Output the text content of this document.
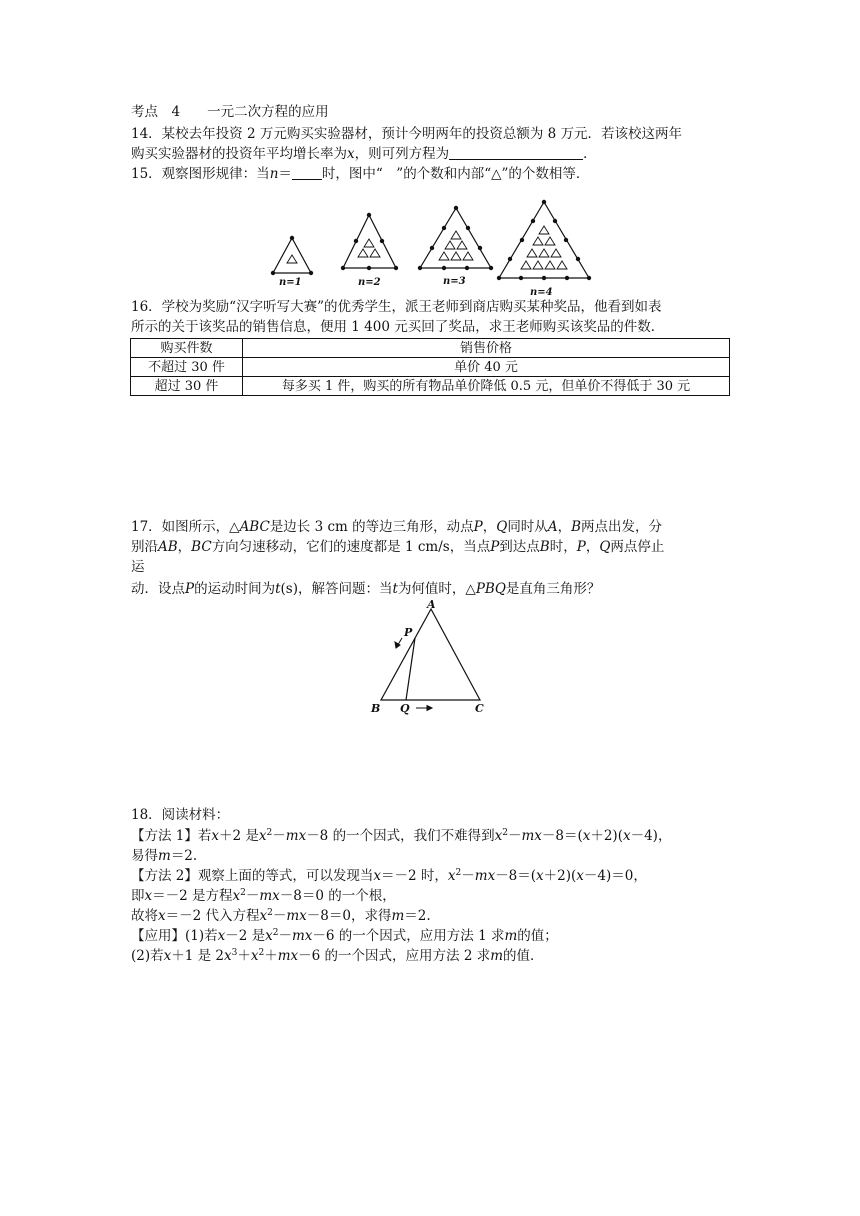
考点　4　　一元二次方程的应用
14．某校去年投资 2 万元购买实验器材，预计今明两年的投资总额为 8 万元．若该校这两年
购买实验器材的投资年平均增长率为x，则可列方程为	．
15．观察图形规律：当n＝ 时，图中“　”的个数和内部“△”的个数相等．
n=1	n=2	n=3
n=4
16．学校为奖励“汉字听写大赛”的优秀学生，派王老师到商店购买某种奖品，他看到如表
所示的关于该奖品的销售信息，便用 1 400 元买回了奖品，求王老师购买该奖品的件数．
购买件数	销售价格
不超过 30 件	单价 40 元
超过 30 件	每多买 1 件，购买的所有物品单价降低 0.5 元，但单价不得低于 30 元
17．如图所示，△ABC是边长 3 cm 的等边三角形，动点P，Q同时从A，B两点出发，分
别沿AB，BC方向匀速移动，它们的速度都是 1 cm/s，当点P到达点B时，P，Q两点停止
运
动．设点P的运动时间为t(s)，解答问题：当t为何值时，△PBQ是直角三角形？
A
P
B Q	C
18．阅读材料：
【方法 1】若x＋2 是$x^2-mx-8$ 的一个因式，我们不难得到$x^2-mx-8=(x+2)(x-4)$，
易得m＝2.
【方法 2】观察上面的等式，可以发现当x＝－2 时，$x^2-mx-8=(x+2)(x-4)=0$，
即x＝－2 是方程$x^2-mx-8=0$ 的一个根，
故将x＝－2 代入方程$x^2-mx-8=0$，求得m＝2.
【应用】(1)若x－2 是$x^2-mx-6$ 的一个因式，应用方法 1 求m的值；
(2)若x＋1 是 $2x^3+x^2+mx-6$ 的一个因式，应用方法 2 求m的值．
